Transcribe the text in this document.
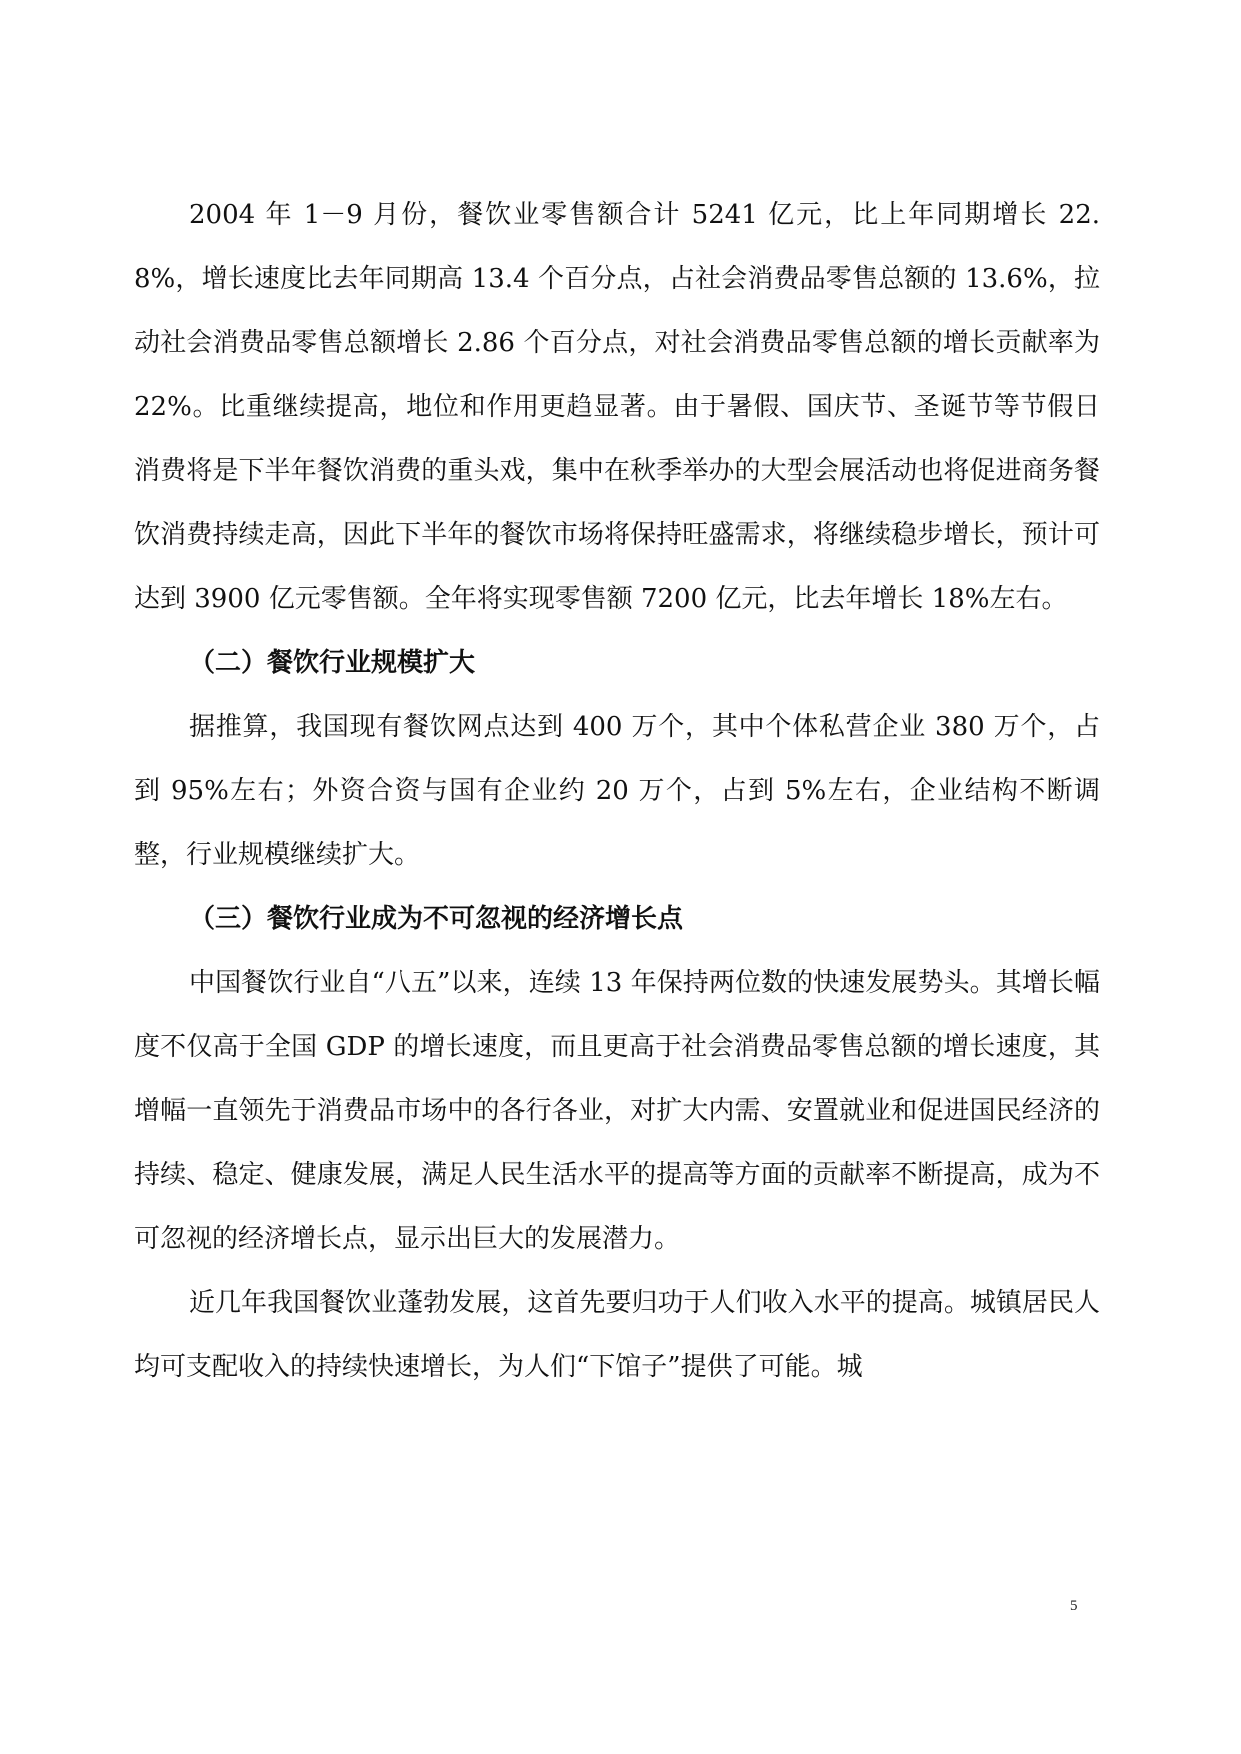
2004 年 1－9 月份，餐饮业零售额合计 5241 亿元，比上年同期增长 22.8%，增长速度比去年同期高 13.4 个百分点，占社会消费品零售总额的 13.6%，拉动社会消费品零售总额增长 2.86 个百分点，对社会消费品零售总额的增长贡献率为 22%。比重继续提高，地位和作用更趋显著。由于暑假、国庆节、圣诞节等节假日消费将是下半年餐饮消费的重头戏，集中在秋季举办的大型会展活动也将促进商务餐饮消费持续走高，因此下半年的餐饮市场将保持旺盛需求，将继续稳步增长，预计可达到 3900 亿元零售额。全年将实现零售额 7200 亿元，比去年增长 18%左右。

（二）餐饮行业规模扩大

据推算，我国现有餐饮网点达到 400 万个，其中个体私营企业 380 万个，占到 95%左右；外资合资与国有企业约 20 万个，占到 5%左右，企业结构不断调整，行业规模继续扩大。

（三）餐饮行业成为不可忽视的经济增长点

中国餐饮行业自“八五”以来，连续 13 年保持两位数的快速发展势头。其增长幅度不仅高于全国 GDP 的增长速度，而且更高于社会消费品零售总额的增长速度，其增幅一直领先于消费品市场中的各行各业，对扩大内需、安置就业和促进国民经济的持续、稳定、健康发展，满足人民生活水平的提高等方面的贡献率不断提高，成为不可忽视的经济增长点，显示出巨大的发展潜力。

近几年我国餐饮业蓬勃发展，这首先要归功于人们收入水平的提高。城镇居民人均可支配收入的持续快速增长，为人们“下馆子”提供了可能。城

5
